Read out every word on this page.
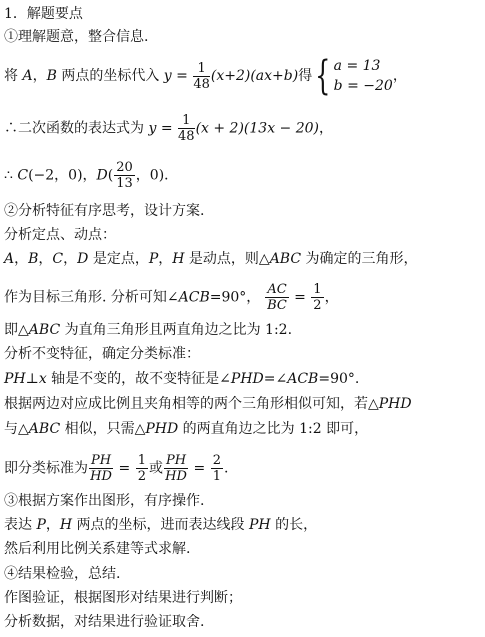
1．解题要点
①理解题意，整合信息.
将 A，B 两点的坐标代入 $y = \frac{1}{48} (x+2)(ax+b)$得{ a = 13
b = −20
，
∴二次函数的表达式为 $y = \frac{1}{48} (x + 2)(13x - 20)$，
∴ C(−2，0)，$D( \frac{20}{13}$ ，0)．
②分析特征有序思考，设计方案.
分析定点、动点：
A，B，C，D 是定点，P，H 是动点，则△ABC 为确定的三角形，
作为目标三角形. 分析可知∠ACB=90°， $\frac{AC}{BC} = \frac{1}{2}$ ，
即△ABC 为直角三角形且两直角边之比为 1:2.
分析不变特征，确定分类标准：
PH⊥x 轴是不变的，故不变特征是∠PHD=∠ACB=90°.
根据两边对应成比例且夹角相等的两个三角形相似可知，若△PHD
与△ABC 相似，只需△PHD 的两直角边之比为 1:2 即可，
即分类标准为 $\frac{PH}{HD} = \frac{1}{2}$ 或 $\frac{PH}{HD} = \frac{2}{1}$ .
③根据方案作出图形，有序操作.
表达 P，H 两点的坐标，进而表达线段 PH 的长，
然后利用比例关系建等式求解.
④结果检验，总结.
作图验证，根据图形对结果进行判断；
分析数据，对结果进行验证取舍.
